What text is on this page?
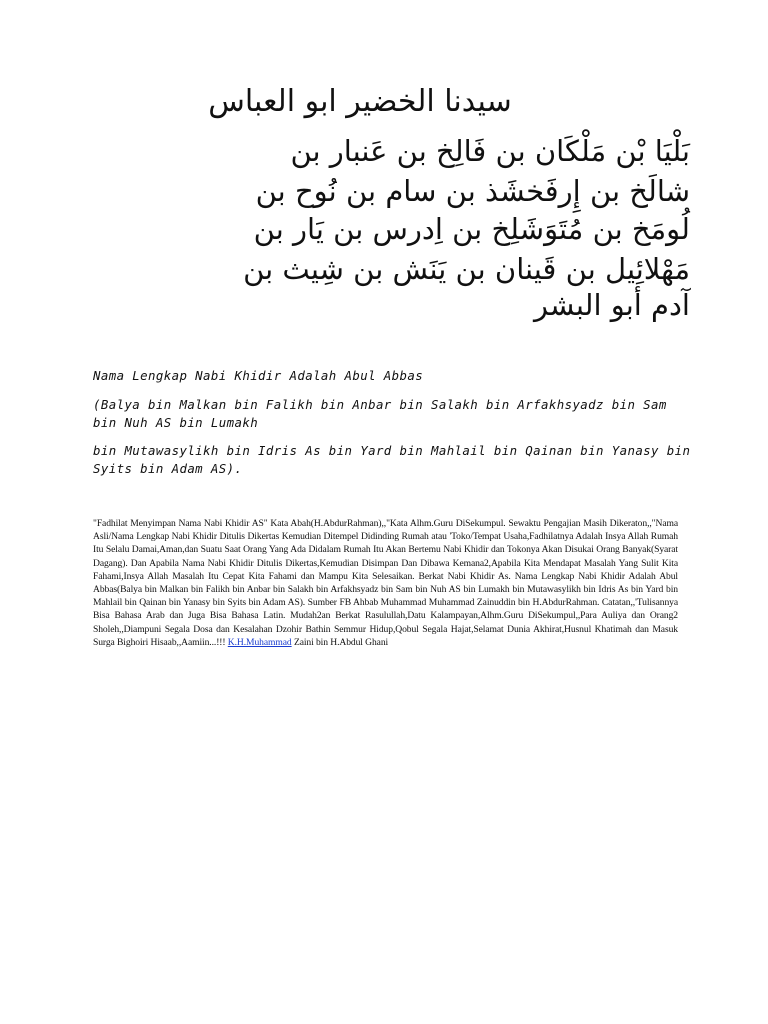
سيدنا الخضير ابو العباس
بَلْيَا بْن مَلْكَان بن فَالِخ بن عَنبار بن
شالَخ بن إِرفَخشَذ بن سام بن نُوح بن
لُومَخ بن مُتَوَشَلِخ بن اِدرس بن يَار بن
مَهْلائِيل بن قَينان بن يَنَش بن شِيث بن
آدم أبو البشر
Nama Lengkap Nabi Khidir Adalah Abul Abbas
(Balya bin Malkan bin Falikh bin Anbar bin Salakh bin Arfakhsyadz bin Sam bin Nuh AS bin Lumakh
bin Mutawasylikh bin Idris As bin Yard bin Mahlail bin Qainan bin Yanasy bin Syits bin Adam AS).
"Fadhilat Menyimpan Nama Nabi Khidir AS" Kata Abah(H.AbdurRahman),,"Kata Alhm.Guru DiSekumpul. Sewaktu Pengajian Masih Dikeraton,,"Nama Asli/Nama Lengkap Nabi Khidir Ditulis Dikertas Kemudian Ditempel Didinding Rumah atau 'Toko/Tempat Usaha,Fadhilatnya Adalah Insya Allah Rumah Itu Selalu Damai,Aman,dan Suatu Saat Orang Yang Ada Didalam Rumah Itu Akan Bertemu Nabi Khidir dan Tokonya Akan Disukai Orang Banyak(Syarat Dagang). Dan Apabila Nama Nabi Khidir Ditulis Dikertas,Kemudian Disimpan Dan Dibawa Kemana2,Apabila Kita Mendapat Masalah Yang Sulit Kita Fahami,Insya Allah Masalah Itu Cepat Kita Fahami dan Mampu Kita Selesaikan. Berkat Nabi Khidir As. Nama Lengkap Nabi Khidir Adalah Abul Abbas(Balya bin Malkan bin Falikh bin Anbar bin Salakh bin Arfakhsyadz bin Sam bin Nuh AS bin Lumakh bin Mutawasylikh bin Idris As bin Yard bin Mahlail bin Qainan bin Yanasy bin Syits bin Adam AS). Sumber FB Ahbab Muhammad Muhammad Zainuddin bin H.AbdurRahman. Catatan,,'Tulisannya Bisa Bahasa Arab dan Juga Bisa Bahasa Latin. Mudah2an Berkat Rasulullah,Datu Kalampayan,Alhm.Guru DiSekumpul,,Para Auliya dan Orang2 Sholeh,,Diampuni Segala Dosa dan Kesalahan Dzohir Bathin Semmur Hidup,Qobul Segala Hajat,Selamat Dunia Akhirat,Husnul Khatimah dan Masuk Surga Bighoiri Hisaab,,Aamiin...!!! K.H.Muhammad Zaini bin H.Abdul Ghani
